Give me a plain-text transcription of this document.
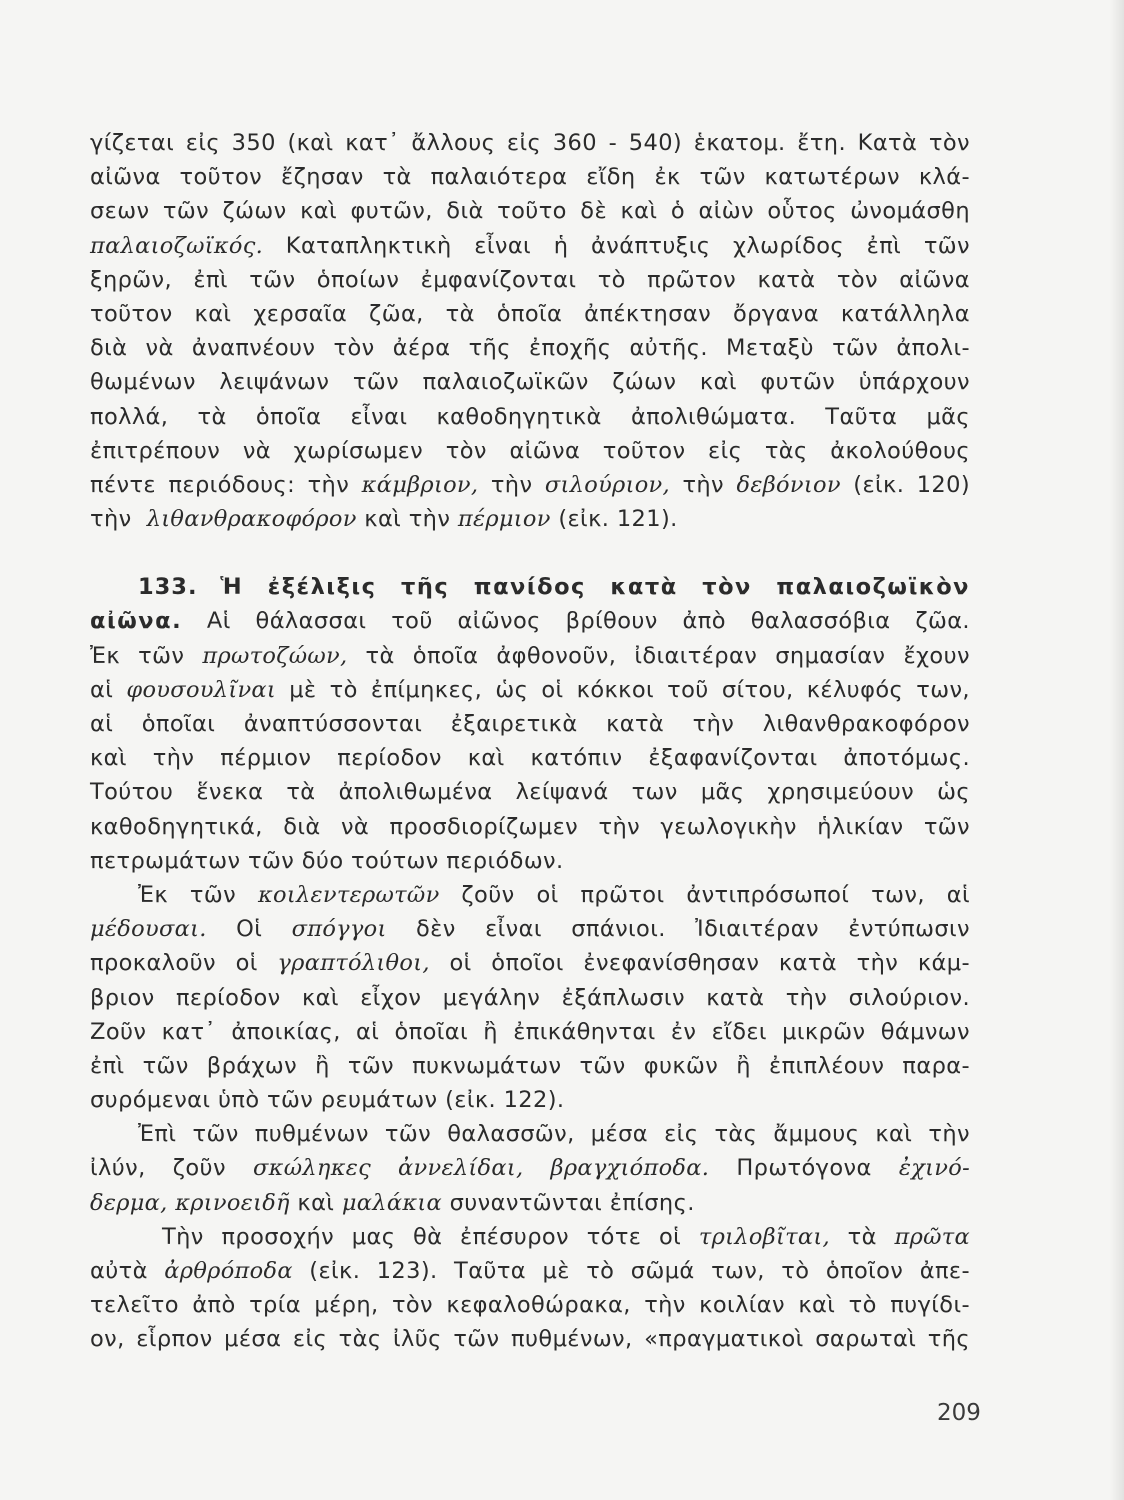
γίζεται εἰς 350 (καὶ κατ᾽ ἄλλους εἰς 360 - 540) ἑκατομ. ἔτη. Κατὰ τὸν
αἰῶνα τοῦτον ἔζησαν τὰ παλαιότερα εἴδη ἐκ τῶν κατωτέρων κλά-
σεων τῶν ζώων καὶ φυτῶν, διὰ τοῦτο δὲ καὶ ὁ αἰὼν οὗτος ὠνομάσθη
παλαιοζωϊκός. Καταπληκτικὴ εἶναι ἡ ἀνάπτυξις χλωρίδος ἐπὶ τῶν
ξηρῶν, ἐπὶ τῶν ὁποίων ἐμφανίζονται τὸ πρῶτον κατὰ τὸν αἰῶνα
τοῦτον καὶ χερσαῖα ζῶα, τὰ ὁποῖα ἀπέκτησαν ὄργανα κατάλληλα
διὰ νὰ ἀναπνέουν τὸν ἀέρα τῆς ἐποχῆς αὐτῆς. Μεταξὺ τῶν ἀπολι-
θωμένων λειψάνων τῶν παλαιοζωϊκῶν ζώων καὶ φυτῶν ὑπάρχουν
πολλά, τὰ ὁποῖα εἶναι καθοδηγητικὰ ἀπολιθώματα. Ταῦτα μᾶς
ἐπιτρέπουν νὰ χωρίσωμεν τὸν αἰῶνα τοῦτον εἰς τὰς ἀκολούθους
πέντε περιόδους: τὴν κάμβριον, τὴν σιλούριον, τὴν δεβόνιον (εἰκ. 120)
τὴν λιθανθρακοφόρον καὶ τὴν πέρμιον (εἰκ. 121).
133. Ἡ ἐξέλιξις τῆς πανίδος κατὰ τὸν παλαιοζωϊκὸν
αἰῶνα. Αἱ θάλασσαι τοῦ αἰῶνος βρίθουν ἀπὸ θαλασσόβια ζῶα.
Ἐκ τῶν πρωτοζώων, τὰ ὁποῖα ἀφθονοῦν, ἰδιαιτέραν σημασίαν ἔχουν
αἱ φουσουλῖναι μὲ τὸ ἐπίμηκες, ὡς οἱ κόκκοι τοῦ σίτου, κέλυφός των,
αἱ ὁποῖαι ἀναπτύσσονται ἐξαιρετικὰ κατὰ τὴν λιθανθρακοφόρον
καὶ τὴν πέρμιον περίοδον καὶ κατόπιν ἐξαφανίζονται ἀποτόμως.
Τούτου ἕνεκα τὰ ἀπολιθωμένα λείψανά των μᾶς χρησιμεύουν ὡς
καθοδηγητικά, διὰ νὰ προσδιορίζωμεν τὴν γεωλογικὴν ἡλικίαν τῶν
πετρωμάτων τῶν δύο τούτων περιόδων.
Ἐκ τῶν κοιλεντερωτῶν ζοῦν οἱ πρῶτοι ἀντιπρόσωποί των, αἱ
μέδουσαι. Οἱ σπόγγοι δὲν εἶναι σπάνιοι. Ἰδιαιτέραν ἐντύπωσιν
προκαλοῦν οἱ γραπτόλιθοι, οἱ ὁποῖοι ἐνεφανίσθησαν κατὰ τὴν κάμ-
βριον περίοδον καὶ εἶχον μεγάλην ἐξάπλωσιν κατὰ τὴν σιλούριον.
Ζοῦν κατ᾽ ἀποικίας, αἱ ὁποῖαι ἢ ἐπικάθηνται ἐν εἴδει μικρῶν θάμνων
ἐπὶ τῶν βράχων ἢ τῶν πυκνωμάτων τῶν φυκῶν ἢ ἐπιπλέουν παρα-
συρόμεναι ὑπὸ τῶν ρευμάτων (εἰκ. 122).
Ἐπὶ τῶν πυθμένων τῶν θαλασσῶν, μέσα εἰς τὰς ἄμμους καὶ τὴν
ἰλύν, ζοῦν σκώληκες ἀννελίδαι, βραγχιόποδα. Πρωτόγονα ἐχινό-
δερμα, κρινοειδῆ καὶ μαλάκια συναντῶνται ἐπίσης.
Τὴν προσοχήν μας θὰ ἐπέσυρον τότε οἱ τριλοβῖται, τὰ πρῶτα
αὐτὰ ἀρθρόποδα (εἰκ. 123). Ταῦτα μὲ τὸ σῶμά των, τὸ ὁποῖον ἀπε-
τελεῖτο ἀπὸ τρία μέρη, τὸν κεφαλοθώρακα, τὴν κοιλίαν καὶ τὸ πυγίδι-
ον, εἷρπον μέσα εἰς τὰς ἰλῦς τῶν πυθμένων, «πραγματικοὶ σαρωταὶ τῆς
209
